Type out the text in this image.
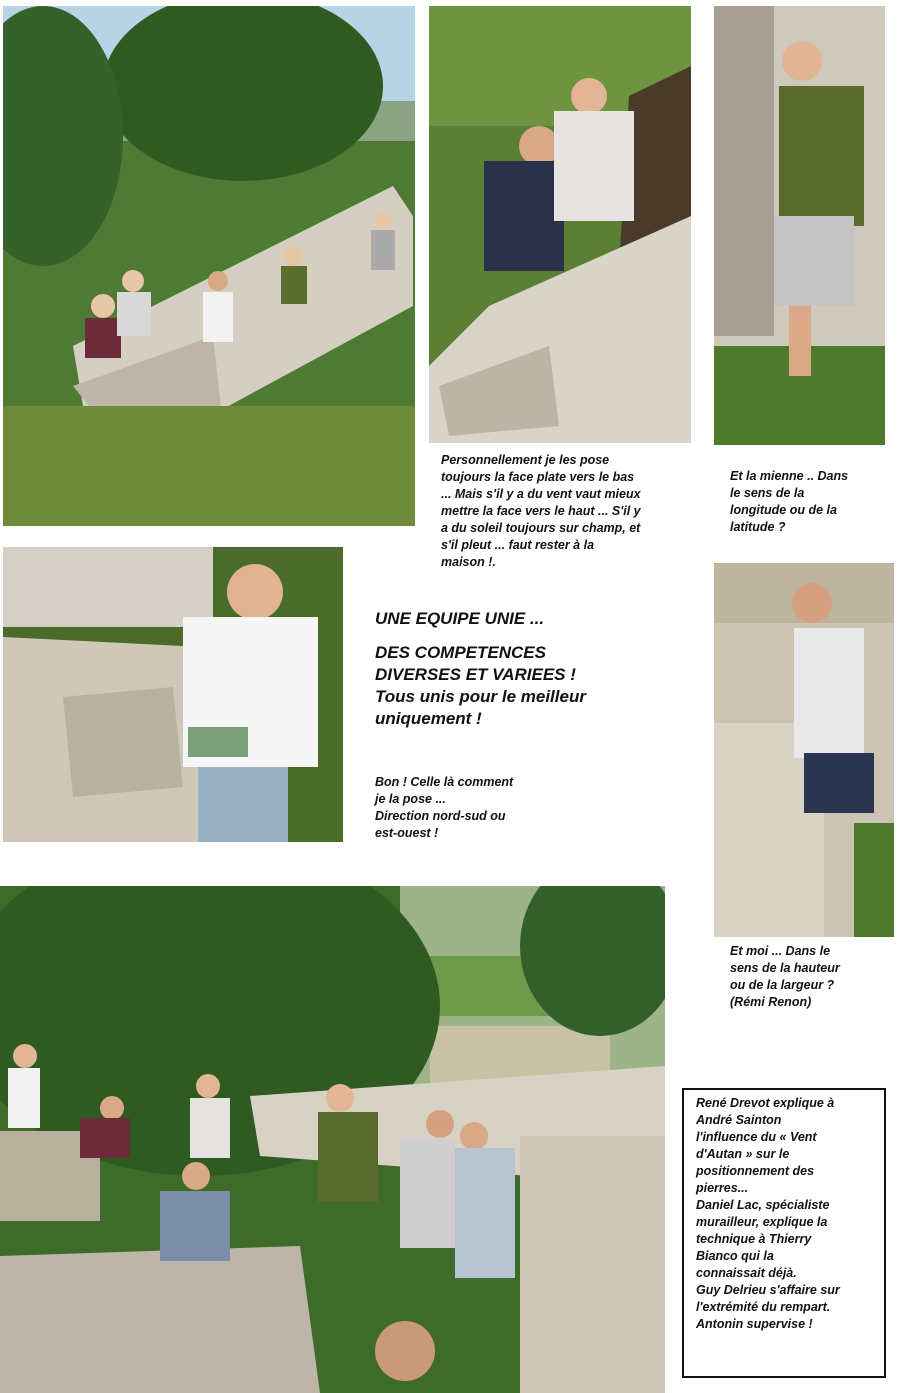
Personnellement je les pose
toujours la face plate vers le bas
... Mais s'il y a du vent vaut mieux
mettre la face vers le haut ... S'il y
a du soleil toujours sur champ, et
s'il pleut ... faut rester à la
maison !.
Et la mienne .. Dans
le sens de la
longitude ou de la
latitude ?
UNE EQUIPE UNIE ...
DES COMPETENCES
DIVERSES ET VARIEES !
Tous unis pour le meilleur
uniquement !
Bon ! Celle là comment
je la pose ...
Direction nord-sud ou
est-ouest !
Et moi ... Dans le
sens de la hauteur
ou de la largeur ?
(Rémi Renon)
René Drevot explique à
André Sainton
l'influence du « Vent
d'Autan » sur le
positionnement des
pierres...
Daniel Lac, spécialiste
murailleur, explique la
technique à Thierry
Bianco qui la
connaissait déjà.
Guy Delrieu s'affaire sur
l'extrémité du rempart.
Antonin supervise !
